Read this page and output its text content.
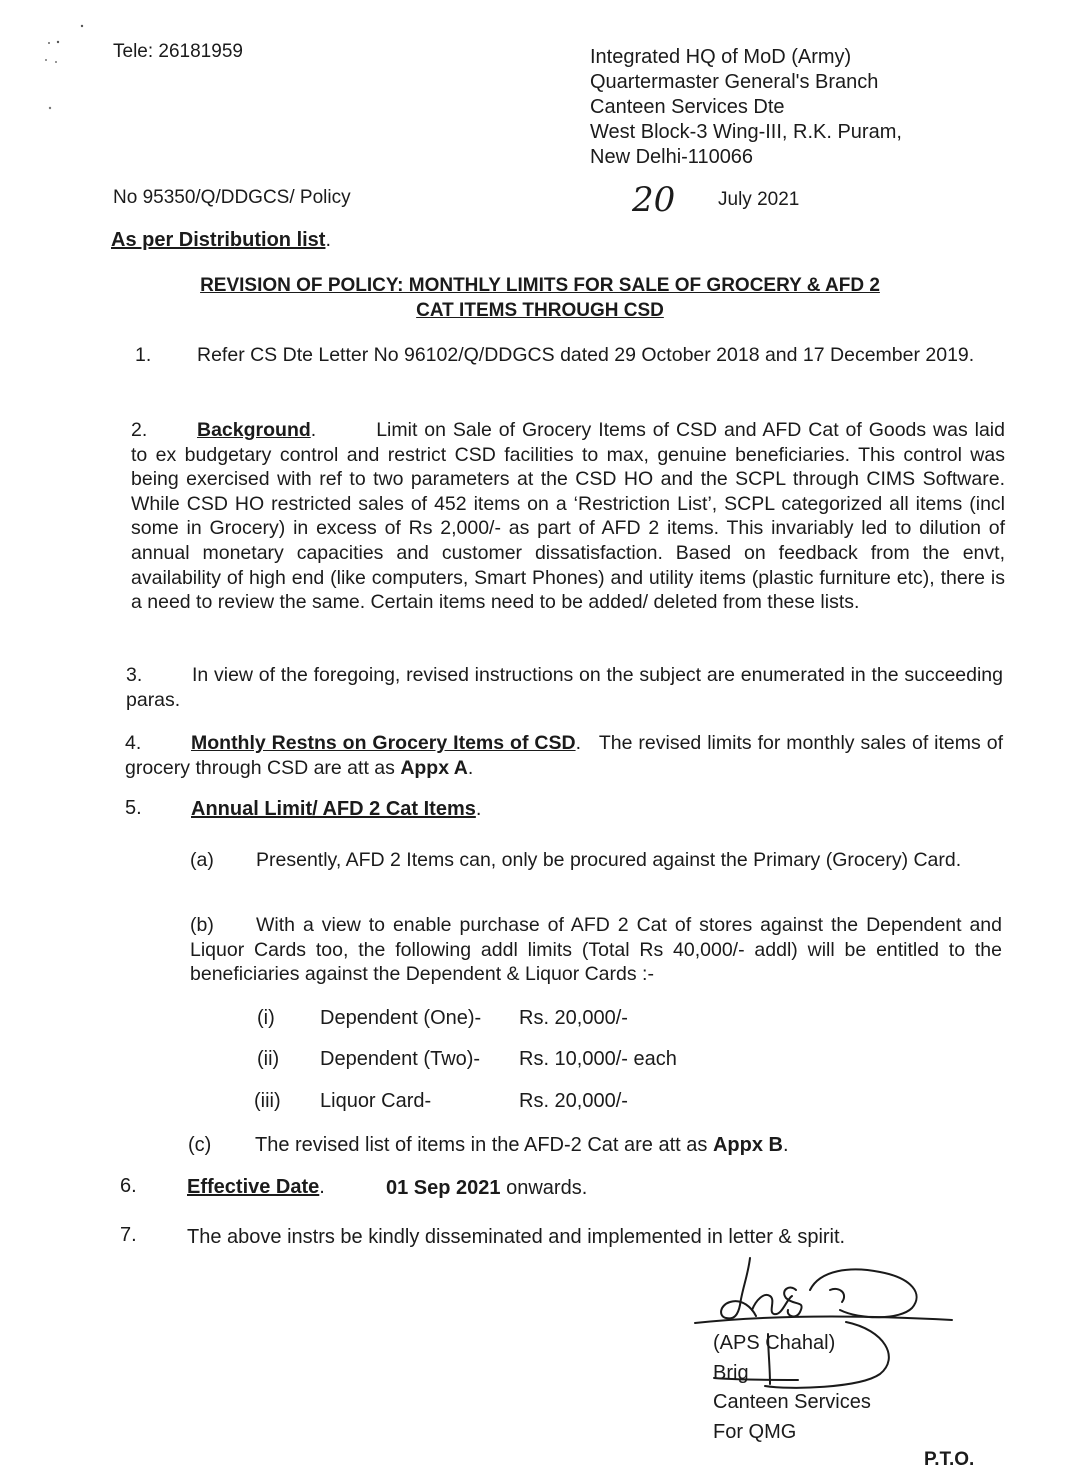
Tele: 26181959	Integrated HQ of MoD (Army)
Quartermaster General's Branch
Canteen Services Dte
West Block-3 Wing-III, R.K. Puram,
New Delhi-110066
No 95350/Q/DDGCS/ Policy	20 July 2021
As per Distribution list.
REVISION OF POLICY: MONTHLY LIMITS FOR SALE OF GROCERY & AFD 2
CAT ITEMS THROUGH CSD
1. Refer CS Dte Letter No 96102/Q/DDGCS dated 29 October 2018 and 17 December 2019.
2.	Background.	Limit on Sale of Grocery Items of CSD and AFD Cat of Goods was laid to ex budgetary control and restrict CSD facilities to max, genuine beneficiaries. This control was being exercised with ref to two parameters at the CSD HO and the SCPL through CIMS Software. While CSD HO restricted sales of 452 items on a ‘Restriction List’, SCPL categorized all items (incl some in Grocery) in excess of Rs 2,000/- as part of AFD 2 items. This invariably led to dilution of annual monetary capacities and customer dissatisfaction. Based on feedback from the envt, availability of high end (like computers, Smart Phones) and utility items (plastic furniture etc), there is a need to review the same. Certain items need to be added/ deleted from these lists.
3.	In view of the foregoing, revised instructions on the subject are enumerated in the succeeding paras.
4.	Monthly Restns on Grocery Items of CSD. The revised limits for monthly sales of items of grocery through CSD are att as Appx A.
5. Annual Limit/ AFD 2 Cat Items.
(a) Presently, AFD 2 Items can, only be procured against the Primary (Grocery) Card.
(b) With a view to enable purchase of AFD 2 Cat of stores against the Dependent and Liquor Cards too, the following addl limits (Total Rs 40,000/- addl) will be entitled to the beneficiaries against the Dependent & Liquor Cards :-
(i) Dependent (One)- Rs. 20,000/-
(ii) Dependent (Two)- Rs. 10,000/- each
(iii) Liquor Card-	Rs. 20,000/-
(c) The revised list of items in the AFD-2 Cat are att as Appx B.
6.	Effective Date.	01 Sep 2021 onwards.
7.	The above instrs be kindly disseminated and implemented in letter & spirit.
(APS Chahal)
Brig
Canteen Services
For QMG
P.T.O.
